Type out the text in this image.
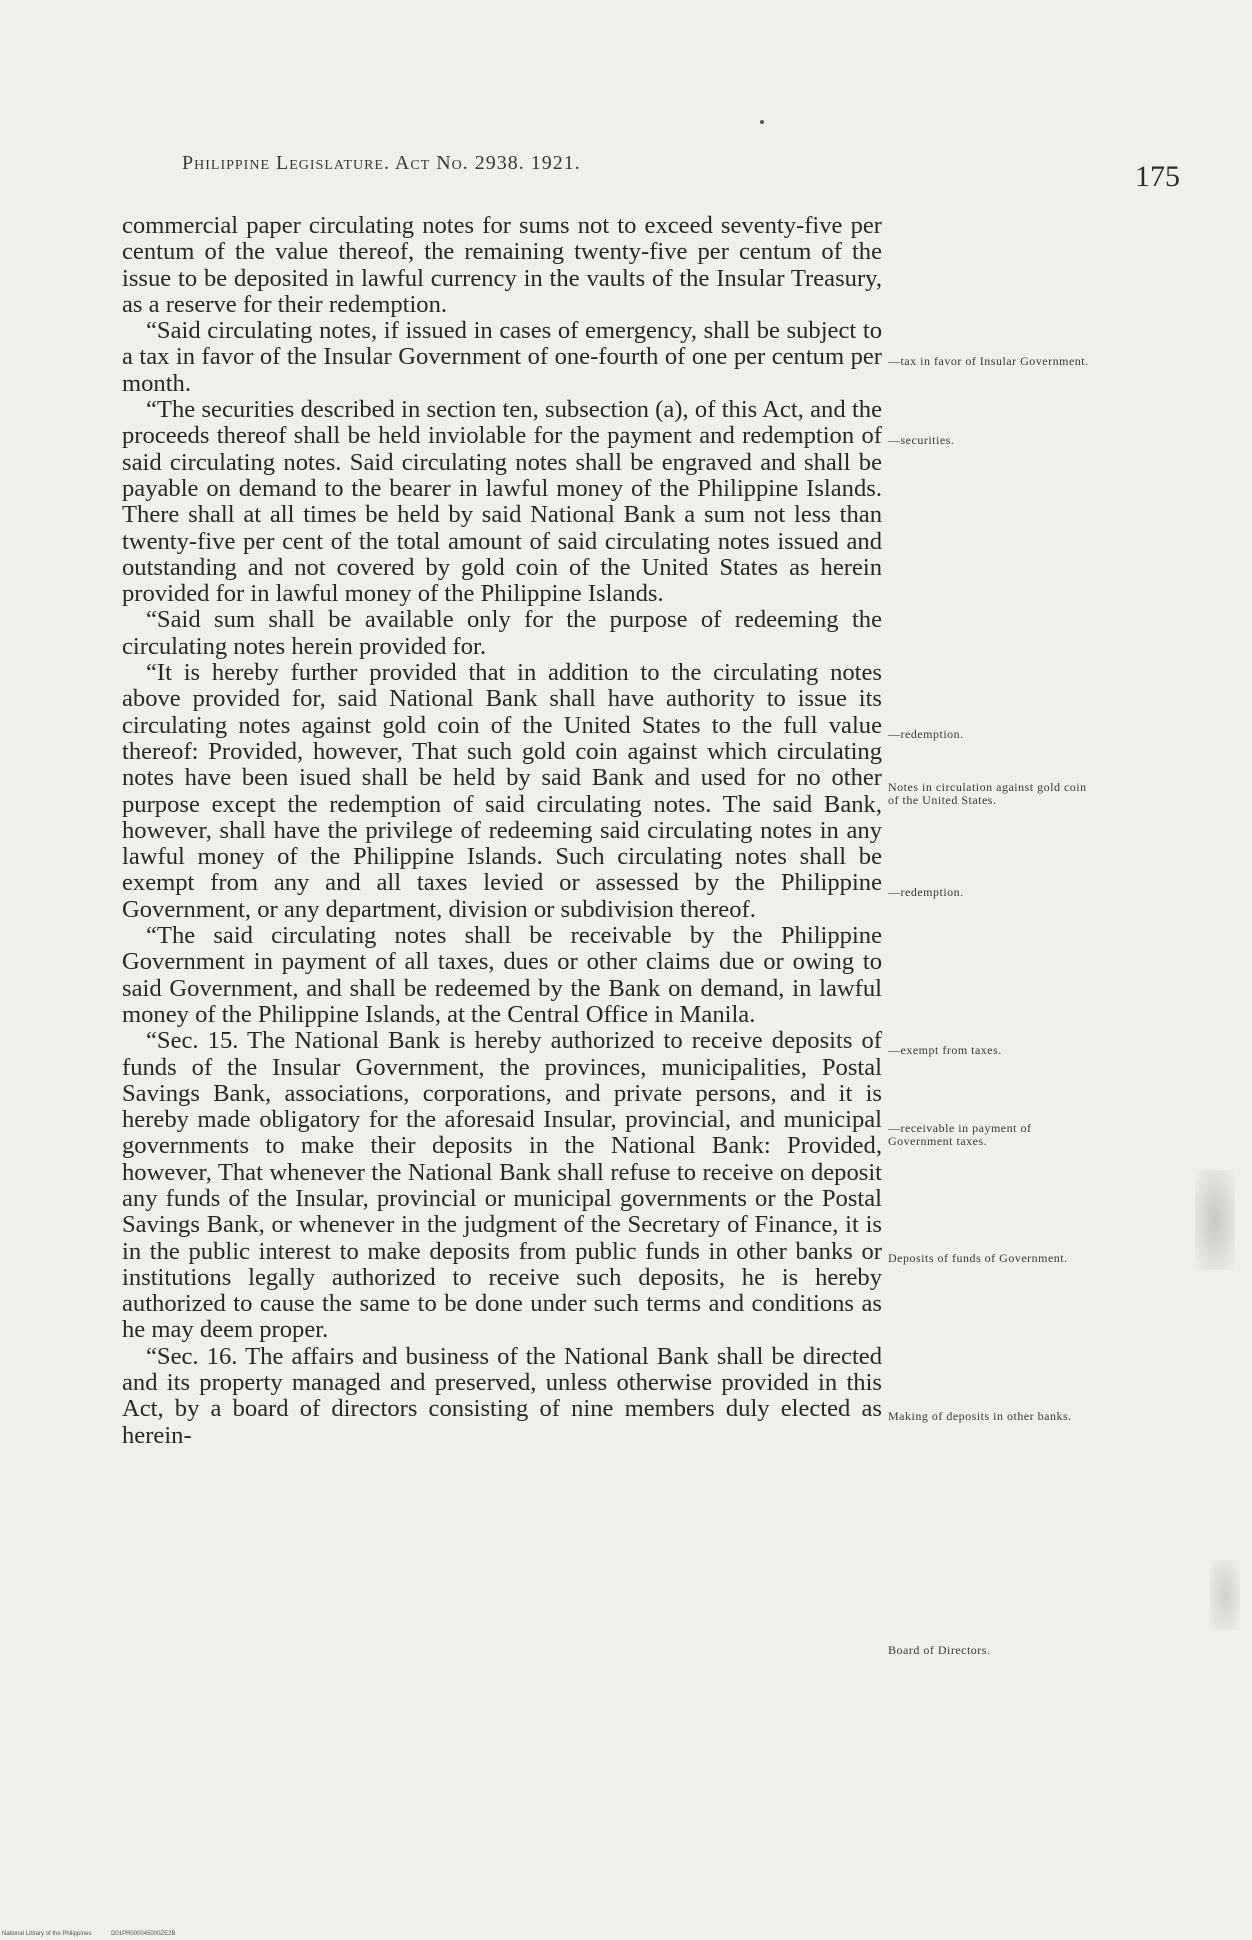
Philippine Legislature. Act No. 2938. 1921.	175

commercial paper circulating notes for sums not to exceed seventy-five per centum of the value thereof, the remaining twenty-five per centum of the issue to be deposited in lawful currency in the vaults of the Insular Treasury, as a reserve for their redemption.

“Said circulating notes, if issued in cases of emergency, shall be subject to a tax in favor of the Insular Government of one-fourth of one per centum per month.

“The securities described in section ten, subsection (a), of this Act, and the proceeds thereof shall be held inviolable for the payment and redemption of said circulating notes. Said circulating notes shall be engraved and shall be payable on demand to the bearer in lawful money of the Philippine Islands. There shall at all times be held by said National Bank a sum not less than twenty-five per cent of the total amount of said circulating notes issued and outstanding and not covered by gold coin of the United States as herein provided for in lawful money of the Philippine Islands.

“Said sum shall be available only for the purpose of redeeming the circulating notes herein provided for.

“It is hereby further provided that in addition to the circulating notes above provided for, said National Bank shall have authority to issue its circulating notes against gold coin of the United States to the full value thereof: Provided, however, That such gold coin against which circulating notes have been isued shall be held by said Bank and used for no other purpose except the redemption of said circulating notes. The said Bank, however, shall have the privilege of redeeming said circulating notes in any lawful money of the Philippine Islands. Such circulating notes shall be exempt from any and all taxes levied or assessed by the Philippine Government, or any department, division or subdivision thereof.

“The said circulating notes shall be receivable by the Philippine Government in payment of all taxes, dues or other claims due or owing to said Government, and shall be redeemed by the Bank on demand, in lawful money of the Philippine Islands, at the Central Office in Manila.

“Sec. 15. The National Bank is hereby authorized to receive deposits of funds of the Insular Government, the provinces, municipalities, Postal Savings Bank, associations, corporations, and private persons, and it is hereby made obligatory for the aforesaid Insular, provincial, and municipal governments to make their deposits in the National Bank: Provided, however, That whenever the National Bank shall refuse to receive on deposit any funds of the Insular, provincial or municipal governments or the Postal Savings Bank, or whenever in the judgment of the Secretary of Finance, it is in the public interest to make deposits from public funds in other banks or institutions legally authorized to receive such deposits, he is hereby authorized to cause the same to be done under such terms and conditions as he may deem proper.

“Sec. 16. The affairs and business of the National Bank shall be directed and its property managed and preserved, unless otherwise provided in this Act, by a board of directors consisting of nine members duly elected as herein-

—tax in favor of Insular Government.
—securities.
—redemption.
Notes in circulation against gold coin of the United States.
—redemption.
—exempt from taxes.
—receivable in payment of Government taxes.
Deposits of funds of Government.
Making of deposits in other banks.
Board of Directors.
National Library of the Philippines	D01PR000045000ZE2B
